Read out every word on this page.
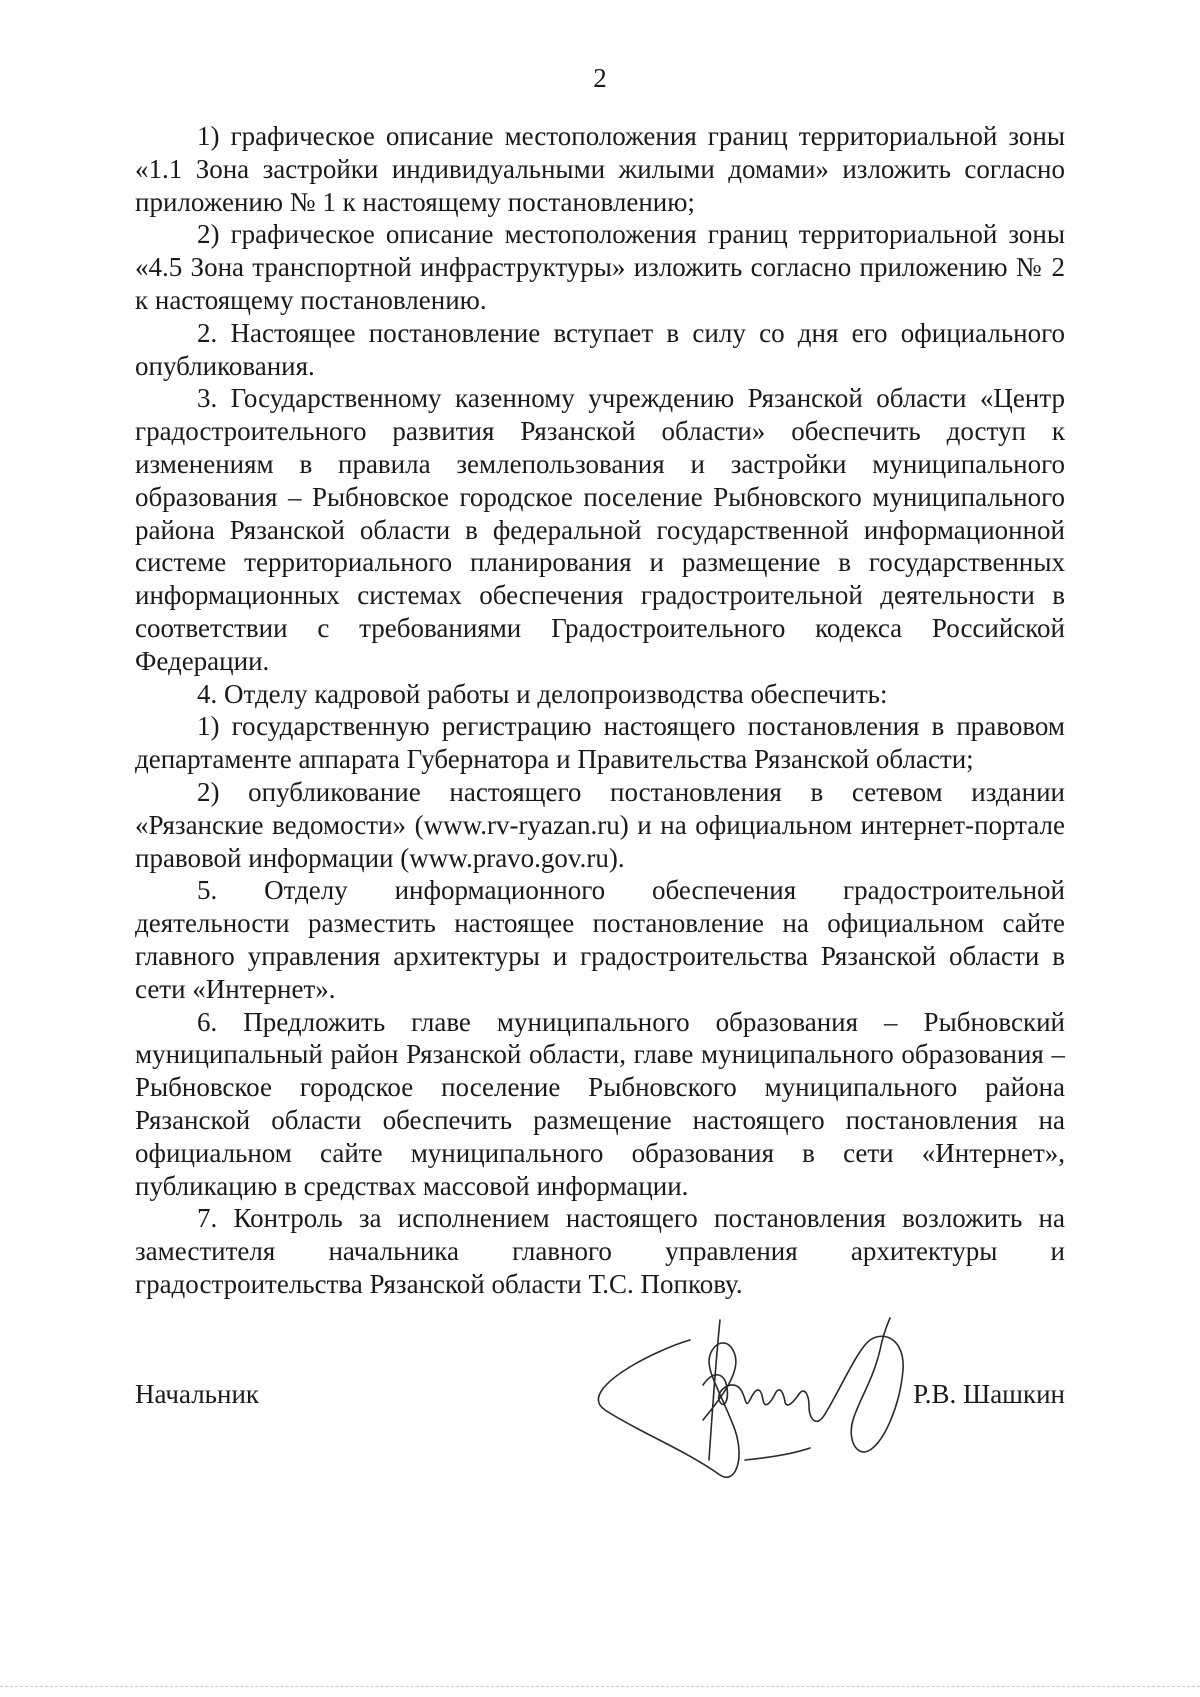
2

1) графическое описание местоположения границ территориальной зоны «1.1 Зона застройки индивидуальными жилыми домами» изложить согласно приложению № 1 к настоящему постановлению;

2) графическое описание местоположения границ территориальной зоны «4.5 Зона транспортной инфраструктуры» изложить согласно приложению № 2 к настоящему постановлению.

2. Настоящее постановление вступает в силу со дня его официального опубликования.

3. Государственному казенному учреждению Рязанской области «Центр градостроительного развития Рязанской области» обеспечить доступ к изменениям в правила землепользования и застройки муниципального образования – Рыбновское городское поселение Рыбновского муниципального района Рязанской области в федеральной государственной информационной системе территориального планирования и размещение в государственных информационных системах обеспечения градостроительной деятельности в соответствии с требованиями Градостроительного кодекса Российской Федерации.

4. Отделу кадровой работы и делопроизводства обеспечить:

1) государственную регистрацию настоящего постановления в правовом департаменте аппарата Губернатора и Правительства Рязанской области;

2) опубликование настоящего постановления в сетевом издании «Рязанские ведомости» (www.rv-ryazan.ru) и на официальном интернет-портале правовой информации (www.pravo.gov.ru).

5. Отделу информационного обеспечения градостроительной деятельности разместить настоящее постановление на официальном сайте главного управления архитектуры и градостроительства Рязанской области в сети «Интернет».

6. Предложить главе муниципального образования – Рыбновский муниципальный район Рязанской области, главе муниципального образования – Рыбновское городское поселение Рыбновского муниципального района Рязанской области обеспечить размещение настоящего постановления на официальном сайте муниципального образования в сети «Интернет», публикацию в средствах массовой информации.

7. Контроль за исполнением настоящего постановления возложить на заместителя начальника главного управления архитектуры и градостроительства Рязанской области Т.С. Попкову.

Начальник	Р.В. Шашкин
